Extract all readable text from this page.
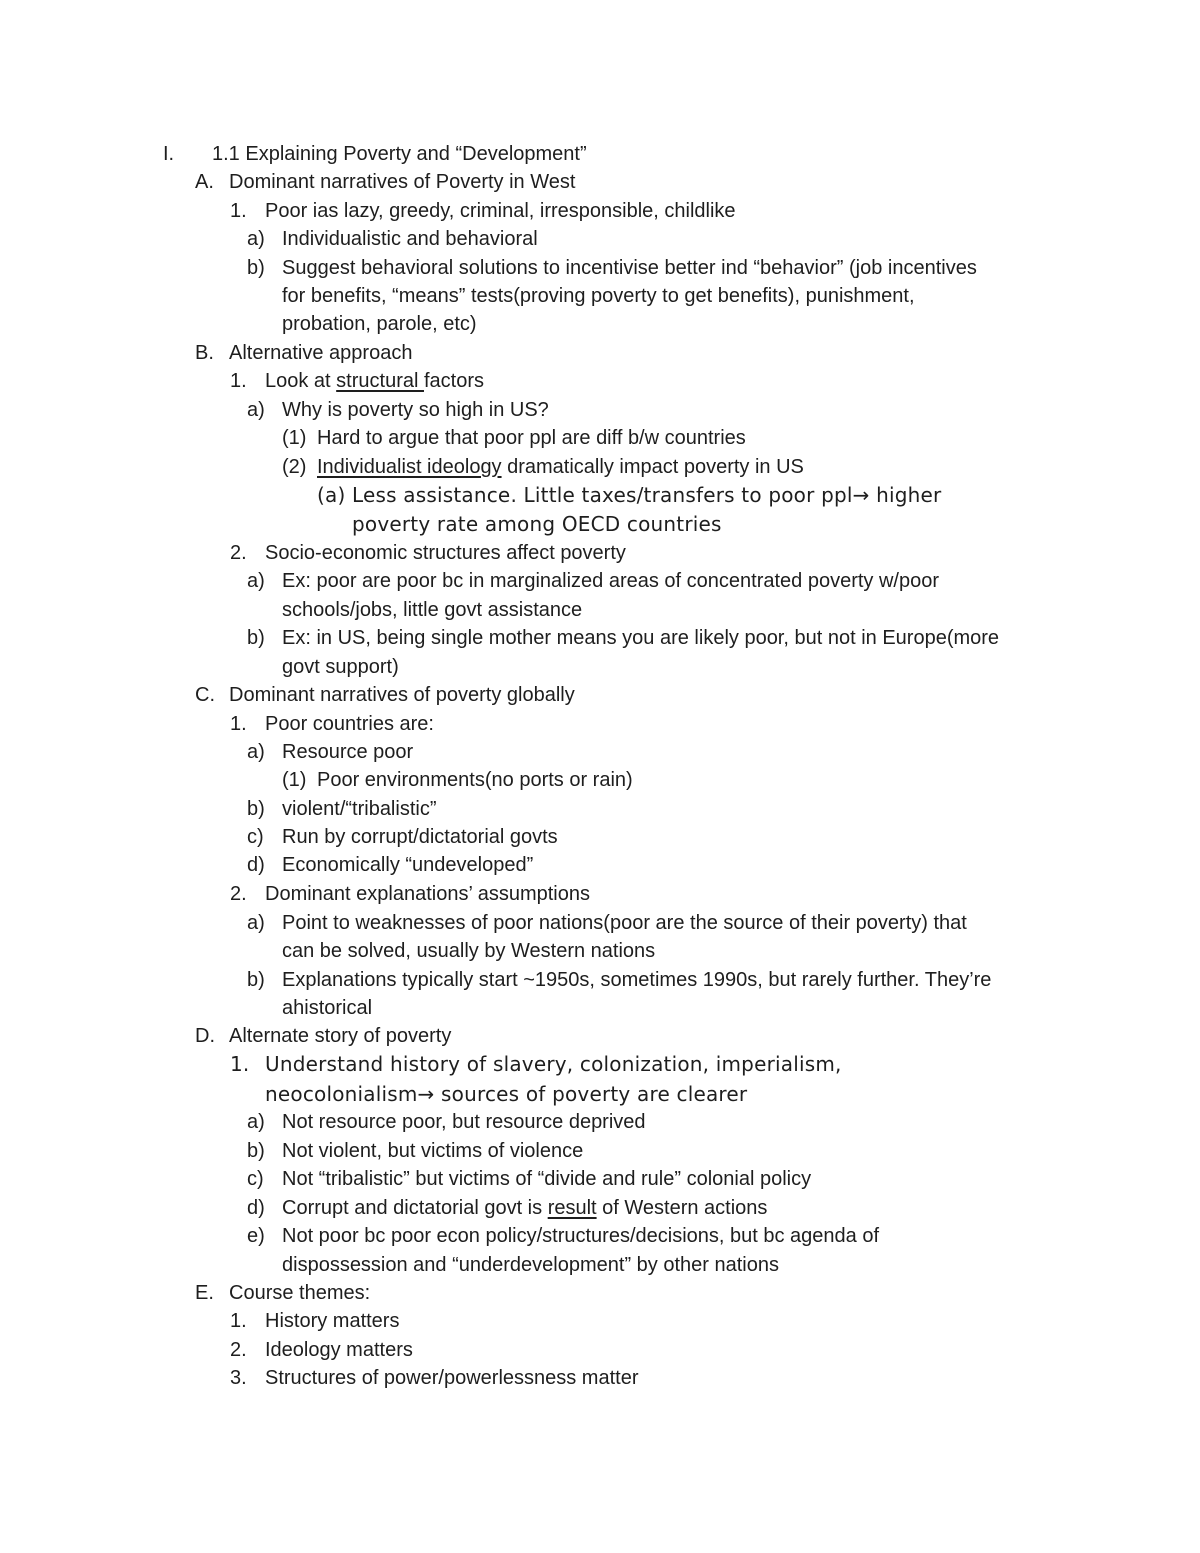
I. 1.1 Explaining Poverty and “Development”
A. Dominant narratives of Poverty in West
1. Poor ias lazy, greedy, criminal, irresponsible, childlike
a) Individualistic and behavioral
b) Suggest behavioral solutions to incentivise better ind “behavior” (job incentives
for benefits, “means” tests(proving poverty to get benefits), punishment,
probation, parole, etc)
B. Alternative approach
1. Look at structural factors
a) Why is poverty so high in US?
(1) Hard to argue that poor ppl are diff b/w countries
(2) Individualist ideology dramatically impact poverty in US
(a) Less assistance. Little taxes/transfers to poor ppl→ higher
poverty rate among OECD countries
2. Socio-economic structures affect poverty
a) Ex: poor are poor bc in marginalized areas of concentrated poverty w/poor
schools/jobs, little govt assistance
b) Ex: in US, being single mother means you are likely poor, but not in Europe(more
govt support)
C. Dominant narratives of poverty globally
1. Poor countries are:
a) Resource poor
(1) Poor environments(no ports or rain)
b) violent/“tribalistic”
c) Run by corrupt/dictatorial govts
d) Economically “undeveloped”
2. Dominant explanations’ assumptions
a) Point to weaknesses of poor nations(poor are the source of their poverty) that
can be solved, usually by Western nations
b) Explanations typically start ~1950s, sometimes 1990s, but rarely further. They’re
ahistorical
D. Alternate story of poverty
1. Understand history of slavery, colonization, imperialism,
neocolonialism→ sources of poverty are clearer
a) Not resource poor, but resource deprived
b) Not violent, but victims of violence
c) Not “tribalistic” but victims of “divide and rule” colonial policy
d) Corrupt and dictatorial govt is result of Western actions
e) Not poor bc poor econ policy/structures/decisions, but bc agenda of
dispossession and “underdevelopment” by other nations
E. Course themes:
1. History matters
2. Ideology matters
3. Structures of power/powerlessness matter
